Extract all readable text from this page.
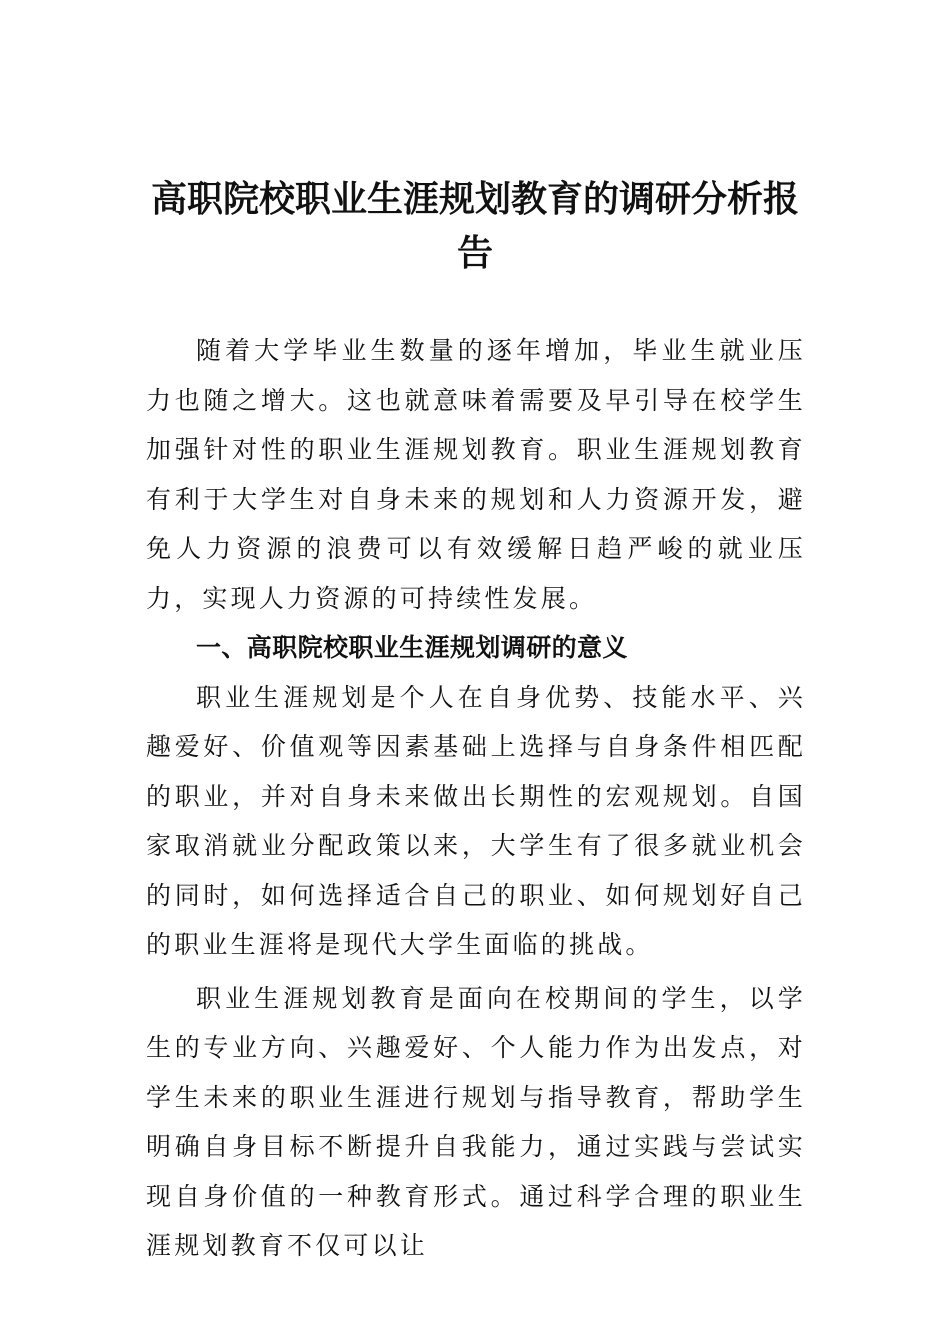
高职院校职业生涯规划教育的调研分析报告

随着大学毕业生数量的逐年增加，毕业生就业压力也随之增大。这也就意味着需要及早引导在校学生加强针对性的职业生涯规划教育。职业生涯规划教育有利于大学生对自身未来的规划和人力资源开发，避免人力资源的浪费可以有效缓解日趋严峻的就业压力，实现人力资源的可持续性发展。

一、高职院校职业生涯规划调研的意义

职业生涯规划是个人在自身优势、技能水平、兴趣爱好、价值观等因素基础上选择与自身条件相匹配的职业，并对自身未来做出长期性的宏观规划。自国家取消就业分配政策以来，大学生有了很多就业机会的同时，如何选择适合自己的职业、如何规划好自己的职业生涯将是现代大学生面临的挑战。

职业生涯规划教育是面向在校期间的学生，以学生的专业方向、兴趣爱好、个人能力作为出发点，对学生未来的职业生涯进行规划与指导教育，帮助学生明确自身目标不断提升自我能力，通过实践与尝试实现自身价值的一种教育形式。通过科学合理的职业生涯规划教育不仅可以让
